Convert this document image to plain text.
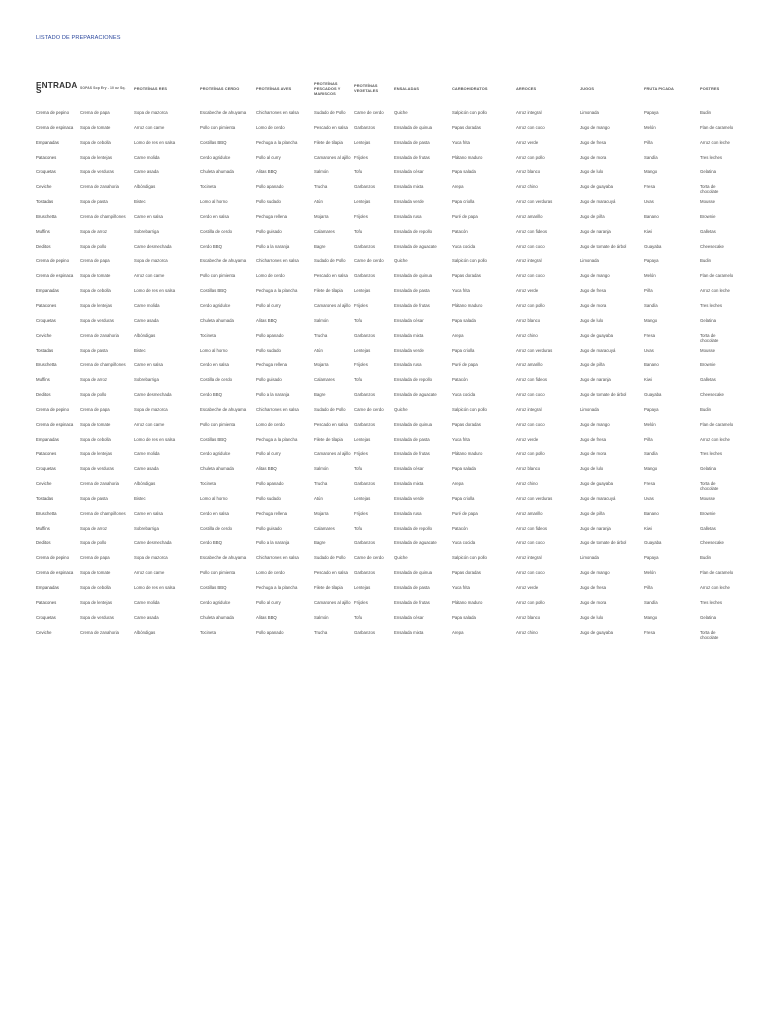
LISTADO DE PREPARACIONES
ENTRADAS	SOPAS Sop Ery - 10 oz Sq.	PROTEÍNAS RES	PROTEÍNAS CERDO	PROTEÍNAS AVES	PROTEÍNAS PESCADOS Y MARISCOS	PROTEÍNAS VEGETALES	ENSALADAS	CARBOHIDRATOS	ARROCES	JUGOS	FRUTA PICADA	POSTRES
Crema de pepino	Crema de papa	Sopa de mazorca	Escabeche de ahuyama	Chicharrones en salsa	Sudado de Pollo	Carne de cerdo	Quiche	Salpicón con pollo	Arroz integral	Limonada	Papaya	Budin
Crema de espinaca	Sopa de tomate	Arroz con carne	Pollo con pimienta	Lomo de cerdo	Pescado en salsa	Garbanzos	Ensalada de quinua	Papas doradas	Arroz con coco	Jugo de mango	Melón	Flan de caramelo
Empanadas	Sopa de cebolla	Lomo de res en salsa	Costillas BBQ	Pechuga a la plancha	Filete de tilapia	Lentejas	Ensalada de pasta	Yuca frita	Arroz verde	Jugo de fresa	Piña	Arroz con leche
Patacones	Sopa de lentejas	Carne molida	Cerdo agridulce	Pollo al curry	Camarones al ajillo	Frijoles	Ensalada de frutas	Plátano maduro	Arroz con pollo	Jugo de mora	Sandía	Tres leches
Croquetas	Sopa de verduras	Carne asada	Chuleta ahumada	Alitas BBQ	Salmón	Tofu	Ensalada césar	Papa salada	Arroz blanco	Jugo de lulo	Mango	Gelatina
Ceviche	Crema de zanahoria	Albóndigas	Tocineta	Pollo apanado	Trucha	Garbanzos	Ensalada mixta	Arepa	Arroz chino	Jugo de guayaba	Fresa	Torta de chocolate
Tostadas	Sopa de pasta	Bistec	Lomo al horno	Pollo sudado	Atún	Lentejas	Ensalada verde	Papa criolla	Arroz con verduras	Jugo de maracuyá	Uvas	Mousse
Bruschetta	Crema de champiñones	Carne en salsa	Cerdo en salsa	Pechuga rellena	Mojarra	Frijoles	Ensalada rusa	Puré de papa	Arroz amarillo	Jugo de piña	Banano	Brownie
Muffins	Sopa de arroz	Sobrebarriga	Costilla de cerdo	Pollo guisado	Calamares	Tofu	Ensalada de repollo	Patacón	Arroz con fideos	Jugo de naranja	Kiwi	Galletas
Deditos	Sopa de pollo	Carne desmechada	Cerdo BBQ	Pollo a la naranja	Bagre	Garbanzos	Ensalada de aguacate	Yuca cocida	Arroz con coco	Jugo de tomate de árbol	Guayaba	Cheesecake
Crema de pepino	Crema de papa	Sopa de mazorca	Escabeche de ahuyama	Chicharrones en salsa	Sudado de Pollo	Carne de cerdo	Quiche	Salpicón con pollo	Arroz integral	Limonada	Papaya	Budin
Crema de espinaca	Sopa de tomate	Arroz con carne	Pollo con pimienta	Lomo de cerdo	Pescado en salsa	Garbanzos	Ensalada de quinua	Papas doradas	Arroz con coco	Jugo de mango	Melón	Flan de caramelo
Empanadas	Sopa de cebolla	Lomo de res en salsa	Costillas BBQ	Pechuga a la plancha	Filete de tilapia	Lentejas	Ensalada de pasta	Yuca frita	Arroz verde	Jugo de fresa	Piña	Arroz con leche
Patacones	Sopa de lentejas	Carne molida	Cerdo agridulce	Pollo al curry	Camarones al ajillo	Frijoles	Ensalada de frutas	Plátano maduro	Arroz con pollo	Jugo de mora	Sandía	Tres leches
Croquetas	Sopa de verduras	Carne asada	Chuleta ahumada	Alitas BBQ	Salmón	Tofu	Ensalada césar	Papa salada	Arroz blanco	Jugo de lulo	Mango	Gelatina
Ceviche	Crema de zanahoria	Albóndigas	Tocineta	Pollo apanado	Trucha	Garbanzos	Ensalada mixta	Arepa	Arroz chino	Jugo de guayaba	Fresa	Torta de chocolate
Tostadas	Sopa de pasta	Bistec	Lomo al horno	Pollo sudado	Atún	Lentejas	Ensalada verde	Papa criolla	Arroz con verduras	Jugo de maracuyá	Uvas	Mousse
Bruschetta	Crema de champiñones	Carne en salsa	Cerdo en salsa	Pechuga rellena	Mojarra	Frijoles	Ensalada rusa	Puré de papa	Arroz amarillo	Jugo de piña	Banano	Brownie
Muffins	Sopa de arroz	Sobrebarriga	Costilla de cerdo	Pollo guisado	Calamares	Tofu	Ensalada de repollo	Patacón	Arroz con fideos	Jugo de naranja	Kiwi	Galletas
Deditos	Sopa de pollo	Carne desmechada	Cerdo BBQ	Pollo a la naranja	Bagre	Garbanzos	Ensalada de aguacate	Yuca cocida	Arroz con coco	Jugo de tomate de árbol	Guayaba	Cheesecake
Crema de pepino	Crema de papa	Sopa de mazorca	Escabeche de ahuyama	Chicharrones en salsa	Sudado de Pollo	Carne de cerdo	Quiche	Salpicón con pollo	Arroz integral	Limonada	Papaya	Budin
Crema de espinaca	Sopa de tomate	Arroz con carne	Pollo con pimienta	Lomo de cerdo	Pescado en salsa	Garbanzos	Ensalada de quinua	Papas doradas	Arroz con coco	Jugo de mango	Melón	Flan de caramelo
Empanadas	Sopa de cebolla	Lomo de res en salsa	Costillas BBQ	Pechuga a la plancha	Filete de tilapia	Lentejas	Ensalada de pasta	Yuca frita	Arroz verde	Jugo de fresa	Piña	Arroz con leche
Patacones	Sopa de lentejas	Carne molida	Cerdo agridulce	Pollo al curry	Camarones al ajillo	Frijoles	Ensalada de frutas	Plátano maduro	Arroz con pollo	Jugo de mora	Sandía	Tres leches
Croquetas	Sopa de verduras	Carne asada	Chuleta ahumada	Alitas BBQ	Salmón	Tofu	Ensalada césar	Papa salada	Arroz blanco	Jugo de lulo	Mango	Gelatina
Ceviche	Crema de zanahoria	Albóndigas	Tocineta	Pollo apanado	Trucha	Garbanzos	Ensalada mixta	Arepa	Arroz chino	Jugo de guayaba	Fresa	Torta de chocolate
Tostadas	Sopa de pasta	Bistec	Lomo al horno	Pollo sudado	Atún	Lentejas	Ensalada verde	Papa criolla	Arroz con verduras	Jugo de maracuyá	Uvas	Mousse
Bruschetta	Crema de champiñones	Carne en salsa	Cerdo en salsa	Pechuga rellena	Mojarra	Frijoles	Ensalada rusa	Puré de papa	Arroz amarillo	Jugo de piña	Banano	Brownie
Muffins	Sopa de arroz	Sobrebarriga	Costilla de cerdo	Pollo guisado	Calamares	Tofu	Ensalada de repollo	Patacón	Arroz con fideos	Jugo de naranja	Kiwi	Galletas
Deditos	Sopa de pollo	Carne desmechada	Cerdo BBQ	Pollo a la naranja	Bagre	Garbanzos	Ensalada de aguacate	Yuca cocida	Arroz con coco	Jugo de tomate de árbol	Guayaba	Cheesecake
Crema de pepino	Crema de papa	Sopa de mazorca	Escabeche de ahuyama	Chicharrones en salsa	Sudado de Pollo	Carne de cerdo	Quiche	Salpicón con pollo	Arroz integral	Limonada	Papaya	Budin
Crema de espinaca	Sopa de tomate	Arroz con carne	Pollo con pimienta	Lomo de cerdo	Pescado en salsa	Garbanzos	Ensalada de quinua	Papas doradas	Arroz con coco	Jugo de mango	Melón	Flan de caramelo
Empanadas	Sopa de cebolla	Lomo de res en salsa	Costillas BBQ	Pechuga a la plancha	Filete de tilapia	Lentejas	Ensalada de pasta	Yuca frita	Arroz verde	Jugo de fresa	Piña	Arroz con leche
Patacones	Sopa de lentejas	Carne molida	Cerdo agridulce	Pollo al curry	Camarones al ajillo	Frijoles	Ensalada de frutas	Plátano maduro	Arroz con pollo	Jugo de mora	Sandía	Tres leches
Croquetas	Sopa de verduras	Carne asada	Chuleta ahumada	Alitas BBQ	Salmón	Tofu	Ensalada césar	Papa salada	Arroz blanco	Jugo de lulo	Mango	Gelatina
Ceviche	Crema de zanahoria	Albóndigas	Tocineta	Pollo apanado	Trucha	Garbanzos	Ensalada mixta	Arepa	Arroz chino	Jugo de guayaba	Fresa	Torta de chocolate
